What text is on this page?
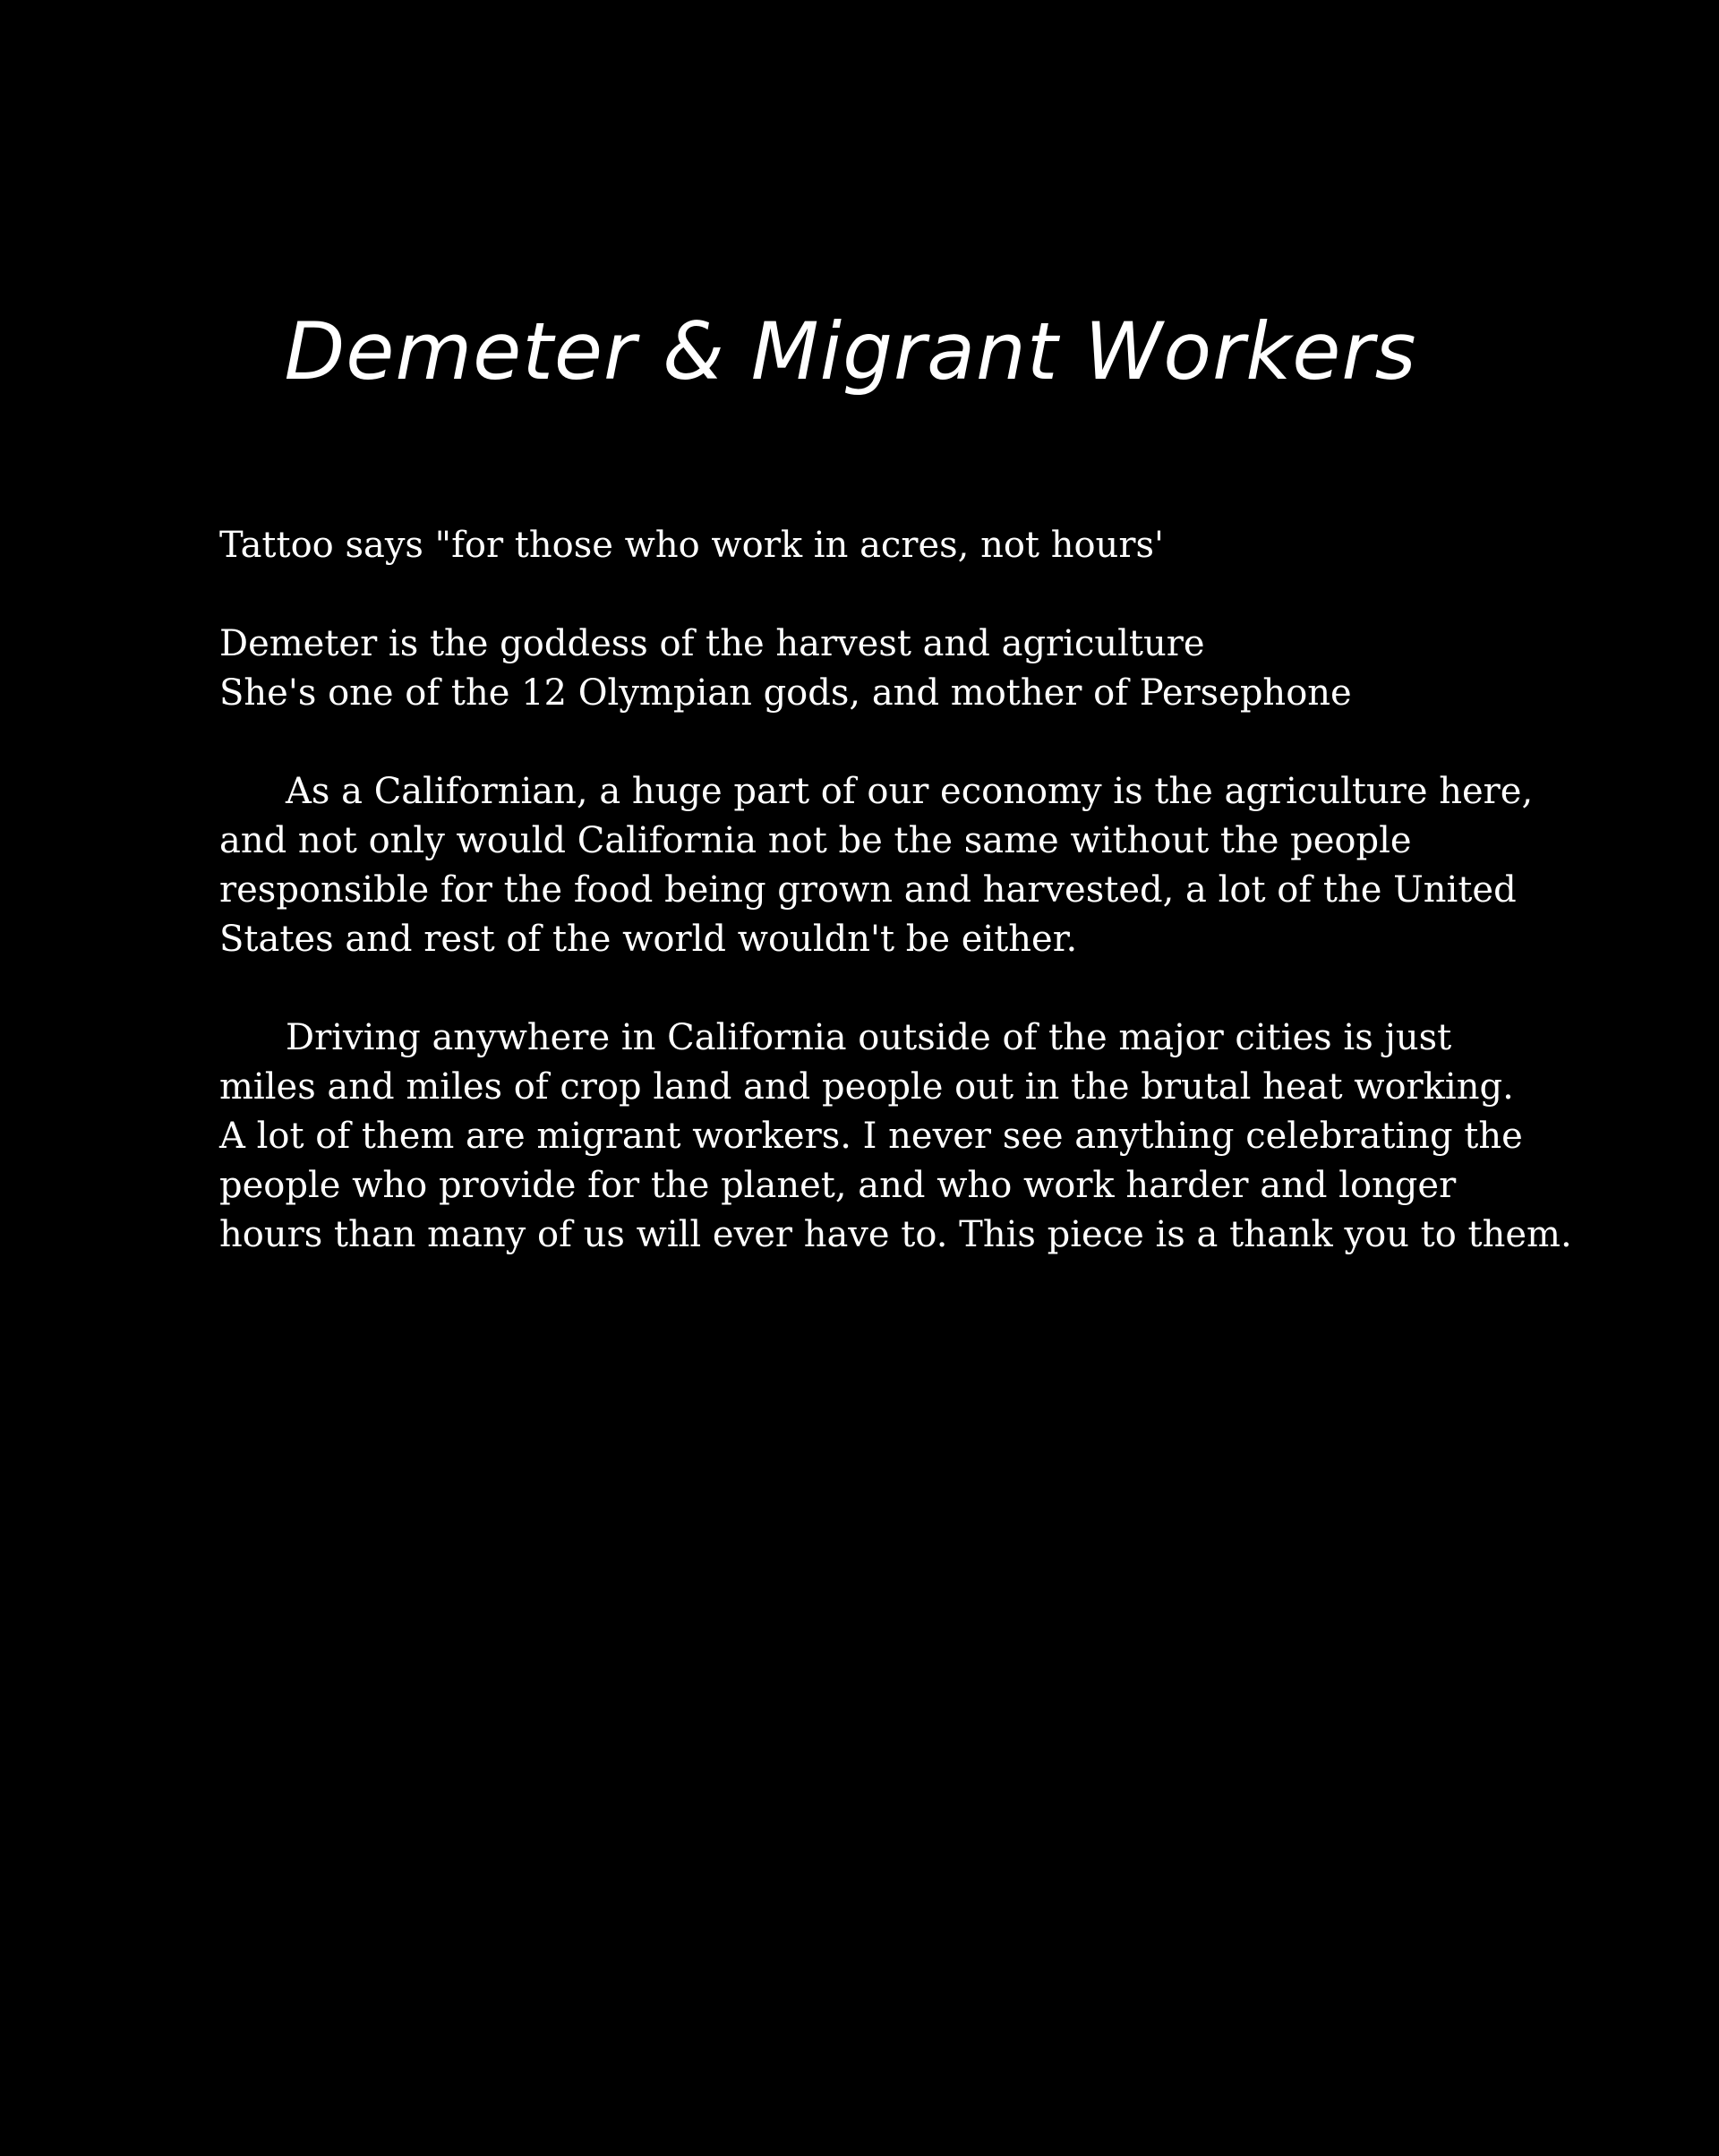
Demeter & Migrant Workers
Tattoo says "for those who work in acres, not hours'
Demeter is the goddess of the harvest and agriculture
She's one of the 12 Olympian gods, and mother of Persephone
As a Californian, a huge part of our economy is the agriculture here,
and not only would California not be the same without the people
responsible for the food being grown and harvested, a lot of the United
States and rest of the world wouldn't be either.
Driving anywhere in California outside of the major cities is just
miles and miles of crop land and people out in the brutal heat working.
A lot of them are migrant workers. I never see anything celebrating the
people who provide for the planet, and who work harder and longer
hours than many of us will ever have to. This piece is a thank you to them.
